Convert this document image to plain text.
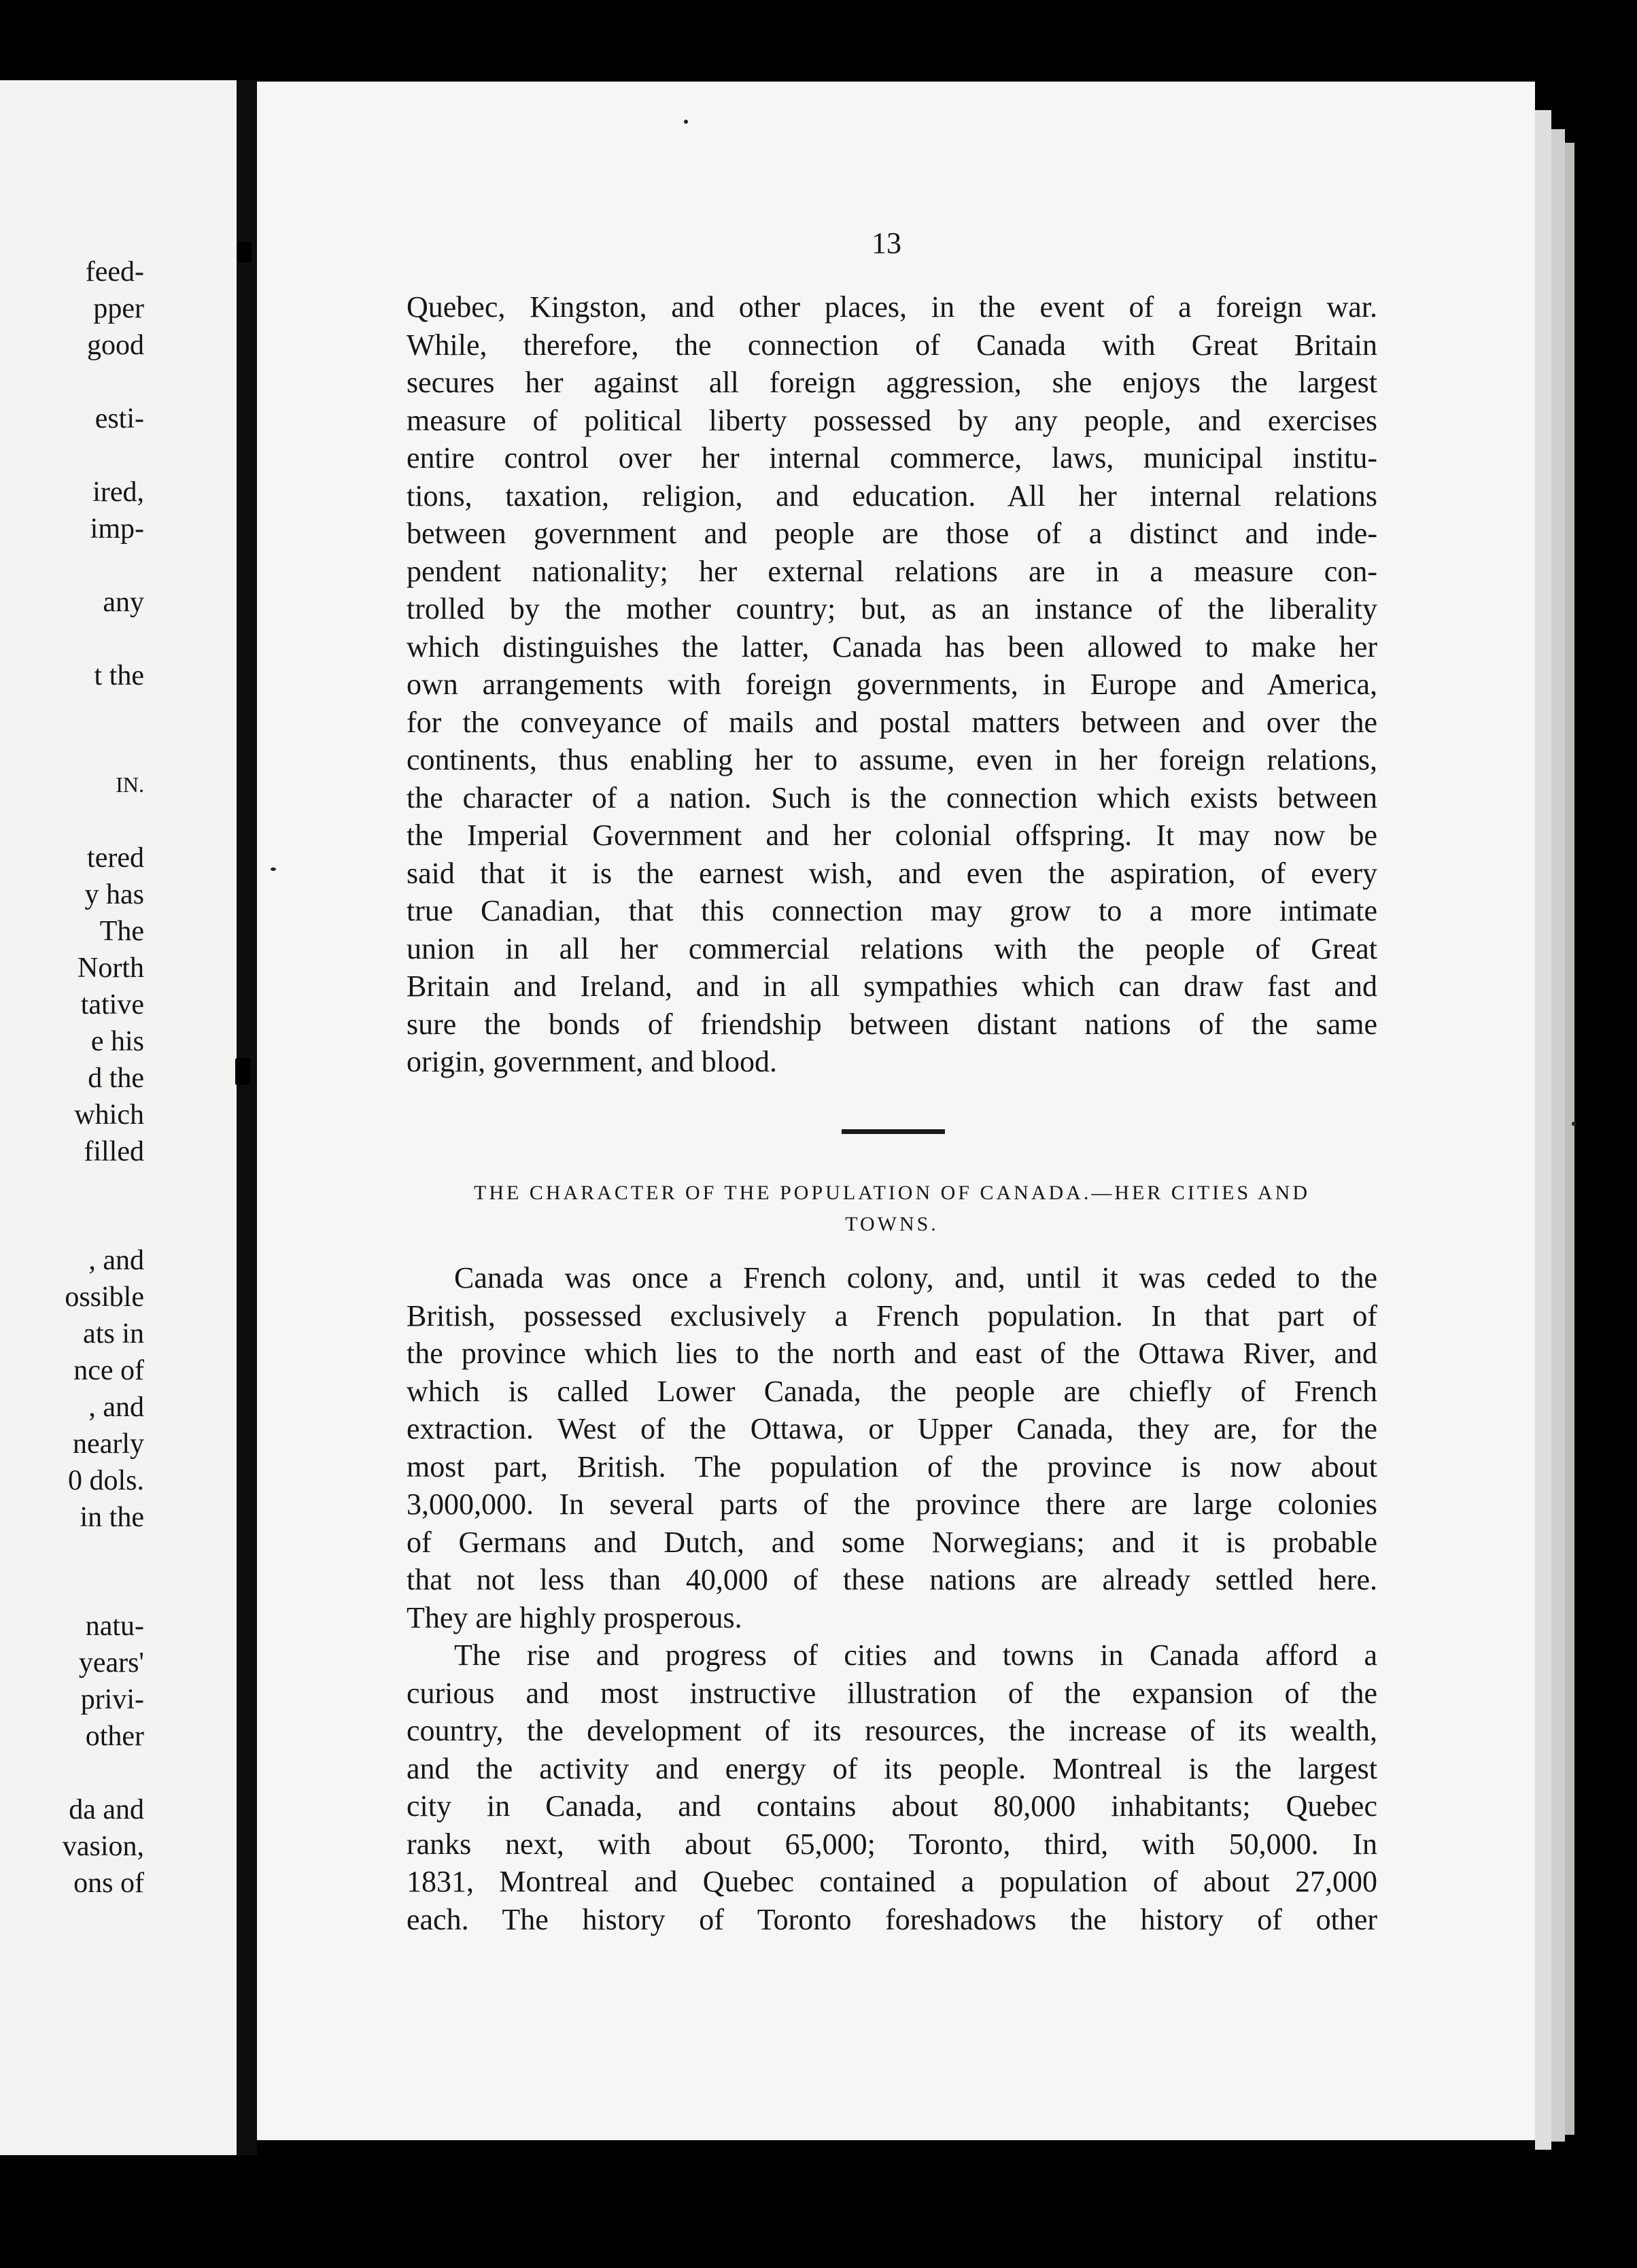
feed-
pper
good
esti-
ired,
imp-
any
t the
IN.
tered
y has
The
North
tative
e his
d the
which
filled
, and
ossible
ats in
nce of
, and
nearly
0 dols.
in the
natu-
years'
privi-
other
da and
vasion,
ons of
13
Quebec, Kingston, and other places, in the event of a foreign war.
While, therefore, the connection of Canada with Great Britain
secures her against all foreign aggression, she enjoys the largest
measure of political liberty possessed by any people, and exercises
entire control over her internal commerce, laws, municipal institu-
tions, taxation, religion, and education. All her internal relations
between government and people are those of a distinct and inde-
pendent nationality; her external relations are in a measure con-
trolled by the mother country; but, as an instance of the liberality
which distinguishes the latter, Canada has been allowed to make her
own arrangements with foreign governments, in Europe and America,
for the conveyance of mails and postal matters between and over the
continents, thus enabling her to assume, even in her foreign relations,
the character of a nation. Such is the connection which exists between
the Imperial Government and her colonial offspring. It may now be
said that it is the earnest wish, and even the aspiration, of every
true Canadian, that this connection may grow to a more intimate
union in all her commercial relations with the people of Great
Britain and Ireland, and in all sympathies which can draw fast and
sure the bonds of friendship between distant nations of the same
origin, government, and blood.
THE CHARACTER OF THE POPULATION OF CANADA.—HER CITIES AND
TOWNS.
Canada was once a French colony, and, until it was ceded to the
British, possessed exclusively a French population. In that part of
the province which lies to the north and east of the Ottawa River, and
which is called Lower Canada, the people are chiefly of French
extraction. West of the Ottawa, or Upper Canada, they are, for the
most part, British. The population of the province is now about
3,000,000. In several parts of the province there are large colonies
of Germans and Dutch, and some Norwegians; and it is probable
that not less than 40,000 of these nations are already settled here.
They are highly prosperous.
The rise and progress of cities and towns in Canada afford a
curious and most instructive illustration of the expansion of the
country, the development of its resources, the increase of its wealth,
and the activity and energy of its people. Montreal is the largest
city in Canada, and contains about 80,000 inhabitants; Quebec
ranks next, with about 65,000; Toronto, third, with 50,000. In
1831, Montreal and Quebec contained a population of about 27,000
each. The history of Toronto foreshadows the history of other
